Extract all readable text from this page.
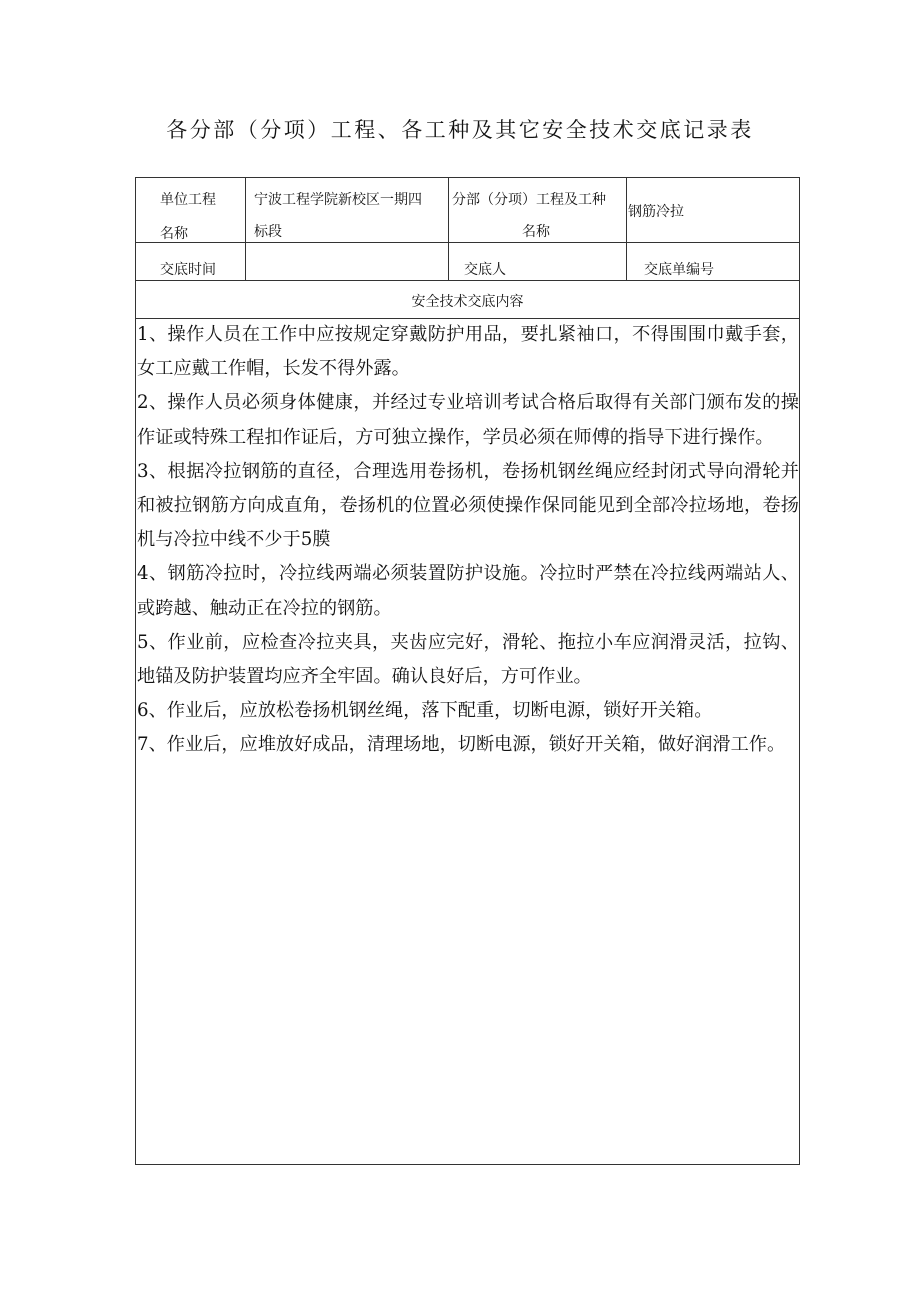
各分部（分项）工程、各工种及其它安全技术交底记录表
单位工程
名称
宁波工程学院新校区一期四
标段
分部（分项）工程及工种
名称
钢筋冷拉
交底时间	交底人	交底单编号
安全技术交底内容

1、操作人员在工作中应按规定穿戴防护用品，要扎紧袖口，不得围围巾戴手套，女工应戴工作帽，长发不得外露。

2、操作人员必须身体健康，并经过专业培训考试合格后取得有关部门颁布发的操作证或特殊工程扣作证后，方可独立操作，学员必须在师傅的指导下进行操作。

3、根据冷拉钢筋的直径，合理选用卷扬机，卷扬机钢丝绳应经封闭式导向滑轮并和被拉钢筋方向成直角，卷扬机的位置必须使操作保同能见到全部冷拉场地，卷扬机与冷拉中线不少于5膜

4、钢筋冷拉时，冷拉线两端必须装置防护设施。冷拉时严禁在冷拉线两端站人、或跨越、触动正在冷拉的钢筋。

5、作业前，应检查冷拉夹具，夹齿应完好，滑轮、拖拉小车应润滑灵活，拉钩、地锚及防护装置均应齐全牢固。确认良好后，方可作业。

6、作业后，应放松卷扬机钢丝绳，落下配重，切断电源，锁好开关箱。

7、作业后，应堆放好成品，清理场地，切断电源，锁好开关箱，做好润滑工作。
